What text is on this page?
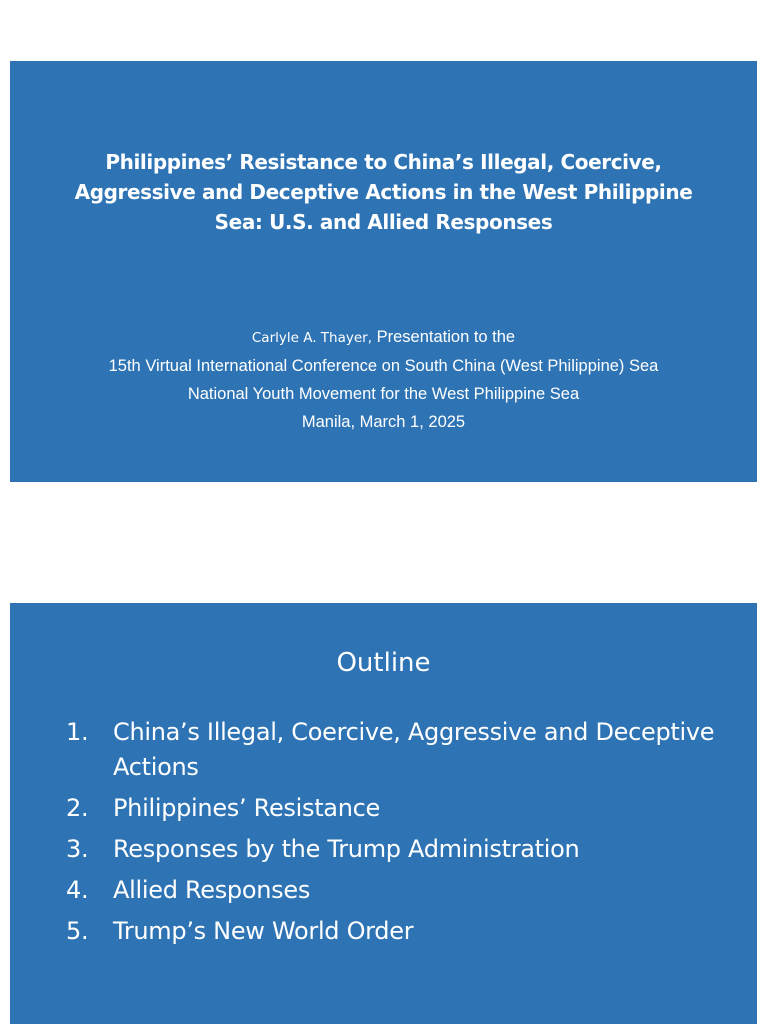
Philippines’ Resistance to China’s Illegal, Coercive, Aggressive and Deceptive Actions in the West Philippine Sea: U.S. and Allied Responses
Carlyle A. Thayer, Presentation to the
15th Virtual International Conference on South China (West Philippine) Sea
National Youth Movement for the West Philippine Sea
Manila, March 1, 2025
Outline
1.	China’s Illegal, Coercive, Aggressive and Deceptive Actions
2.	Philippines’ Resistance
3.	Responses by the Trump Administration
4.	Allied Responses
5.	Trump’s New World Order
